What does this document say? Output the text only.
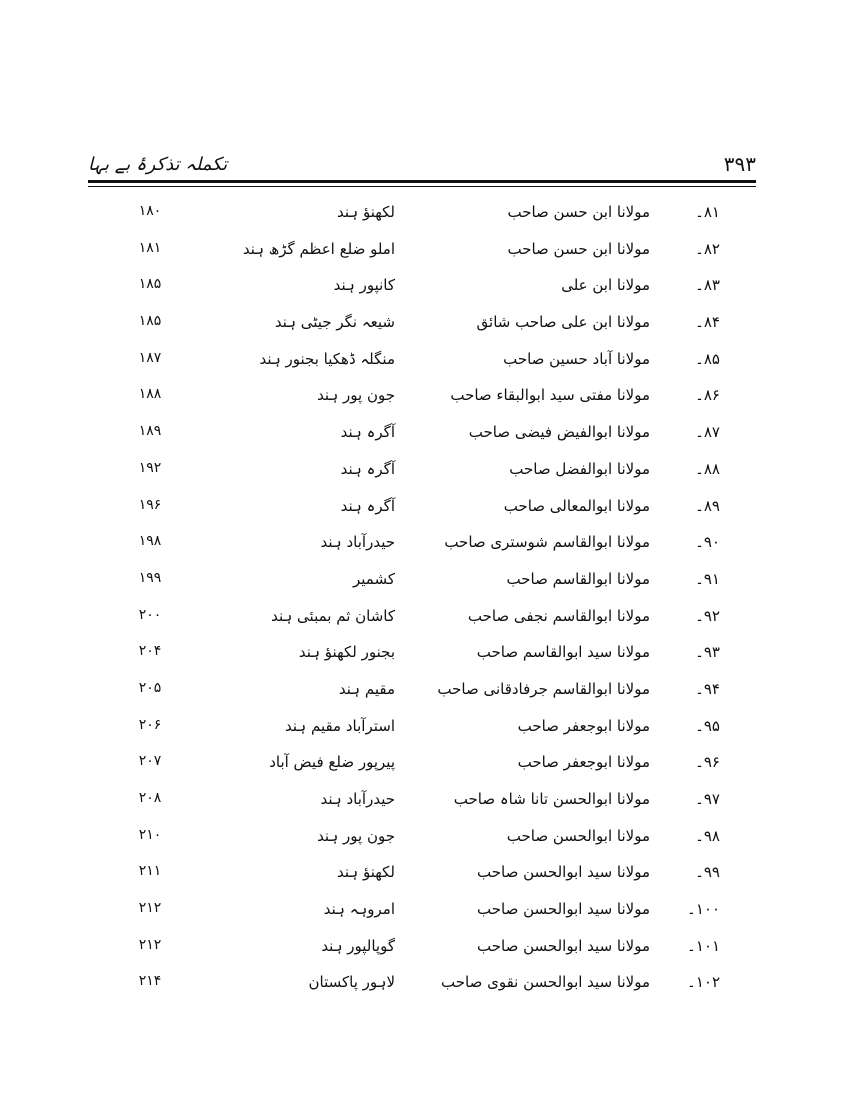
تکملہ تذکرۂ بے بہا	۳۹۳
۸۱۔
مولانا ابن حسن صاحب
لکھنؤ ہند
۱۸۰
۸۲۔
مولانا ابن حسن صاحب
املو ضلع اعظم گڑھ ہند
۱۸۱
۸۳۔
مولانا ابن علی
کانپور ہند
۱۸۵
۸۴۔
مولانا ابن علی صاحب شائق
شیعہ نگر جیٹی ہند
۱۸۵
۸۵۔
مولانا آباد حسین صاحب
منگلہ ڈھکیا بجنور ہند
۱۸۷
۸۶۔
مولانا مفتی سید ابوالبقاء صاحب
جون پور ہند
۱۸۸
۸۷۔
مولانا ابوالفیض فیضی صاحب
آگرہ ہند
۱۸۹
۸۸۔
مولانا ابوالفضل صاحب
آگرہ ہند
۱۹۲
۸۹۔
مولانا ابوالمعالی صاحب
آگرہ ہند
۱۹۶
۹۰۔
مولانا ابوالقاسم شوستری صاحب
حیدرآباد ہند
۱۹۸
۹۱۔
مولانا ابوالقاسم صاحب
کشمیر
۱۹۹
۹۲۔
مولانا ابوالقاسم نجفی صاحب
کاشان ثم بمبئی ہند
۲۰۰
۹۳۔
مولانا سید ابوالقاسم صاحب
بجنور لکھنؤ ہند
۲۰۴
۹۴۔
مولانا ابوالقاسم جرفادقانی صاحب
مقیم ہند
۲۰۵
۹۵۔
مولانا ابوجعفر صاحب
استرآباد مقیم ہند
۲۰۶
۹۶۔
مولانا ابوجعفر صاحب
پیرپور ضلع فیض آباد
۲۰۷
۹۷۔
مولانا ابوالحسن تانا شاہ صاحب
حیدرآباد ہند
۲۰۸
۹۸۔
مولانا ابوالحسن صاحب
جون پور ہند
۲۱۰
۹۹۔
مولانا سید ابوالحسن صاحب
لکھنؤ ہند
۲۱۱
۱۰۰۔
مولانا سید ابوالحسن صاحب
امروہہ ہند
۲۱۲
۱۰۱۔
مولانا سید ابوالحسن صاحب
گوپالپور ہند
۲۱۲
۱۰۲۔
مولانا سید ابوالحسن نقوی صاحب
لاہور پاکستان
۲۱۴
